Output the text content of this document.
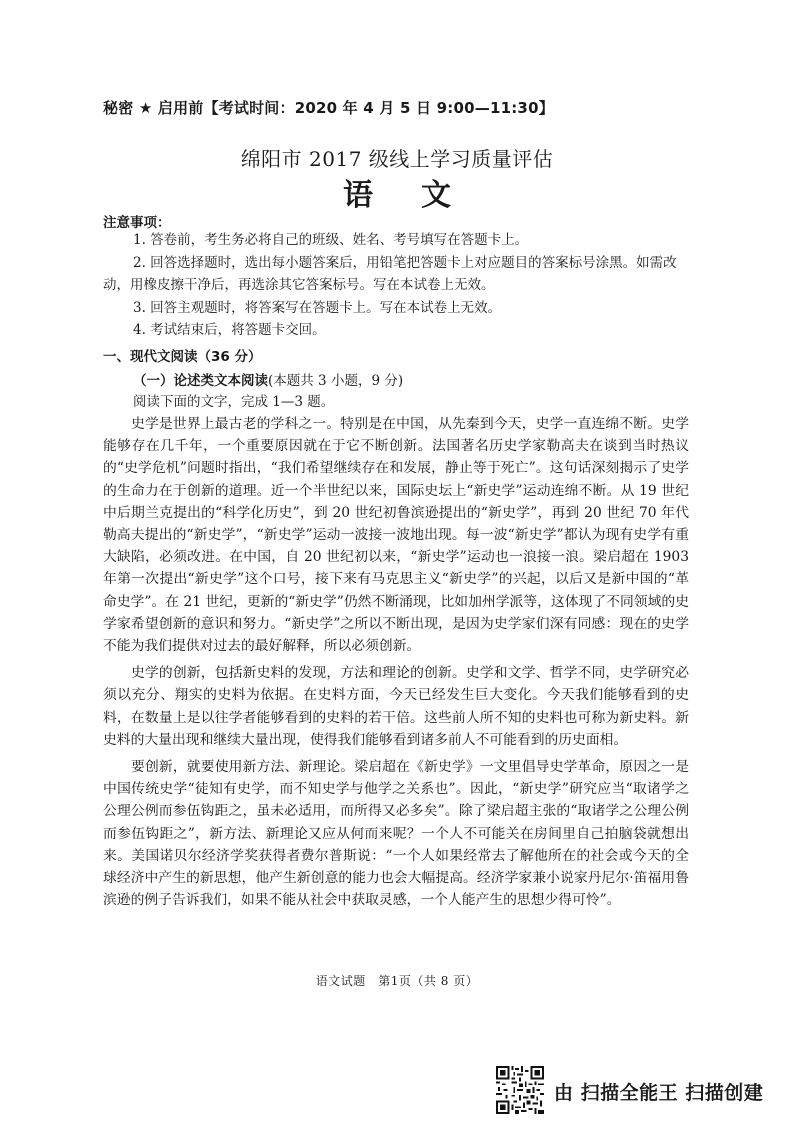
秘密 ★ 启用前【考试时间：2020 年 4 月 5 日 9:00—11:30】
绵阳市 2017 级线上学习质量评估
语文
注意事项：

1. 答卷前，考生务必将自己的班级、姓名、考号填写在答题卡上。

2. 回答选择题时，选出每小题答案后，用铅笔把答题卡上对应题目的答案标号涂黑。如需改动，用橡皮擦干净后，再选涂其它答案标号。写在本试卷上无效。

3. 回答主观题时，将答案写在答题卡上。写在本试卷上无效。

4. 考试结束后，将答题卡交回。

一、现代文阅读（36 分）
（一）论述类文本阅读(本题共 3 小题，9 分)
阅读下面的文字，完成 1—3 题。

史学是世界上最古老的学科之一。特别是在中国，从先秦到今天，史学一直连绵不断。史学能够存在几千年，一个重要原因就在于它不断创新。法国著名历史学家勒高夫在谈到当时热议的“史学危机”问题时指出，“我们希望继续存在和发展，静止等于死亡”。这句话深刻揭示了史学的生命力在于创新的道理。近一个半世纪以来，国际史坛上“新史学”运动连绵不断。从 19 世纪中后期兰克提出的“科学化历史”，到 20 世纪初鲁滨逊提出的“新史学”，再到 20 世纪 70 年代勒高夫提出的“新史学”，“新史学”运动一波接一波地出现。每一波“新史学”都认为现有史学有重大缺陷，必须改进。在中国，自 20 世纪初以来，“新史学”运动也一浪接一浪。梁启超在 1903 年第一次提出“新史学”这个口号，接下来有马克思主义“新史学”的兴起，以后又是新中国的“革命史学”。在 21 世纪，更新的“新史学”仍然不断涌现，比如加州学派等，这体现了不同领域的史学家希望创新的意识和努力。“新史学”之所以不断出现，是因为史学家们深有同感：现在的史学不能为我们提供对过去的最好解释，所以必须创新。

史学的创新，包括新史料的发现，方法和理论的创新。史学和文学、哲学不同，史学研究必须以充分、翔实的史料为依据。在史料方面，今天已经发生巨大变化。今天我们能够看到的史料，在数量上是以往学者能够看到的史料的若干倍。这些前人所不知的史料也可称为新史料。新史料的大量出现和继续大量出现，使得我们能够看到诸多前人不可能看到的历史面相。

要创新，就要使用新方法、新理论。梁启超在《新史学》一文里倡导史学革命，原因之一是中国传统史学“徒知有史学，而不知史学与他学之关系也”。因此，“新史学”研究应当“取诸学之公理公例而参伍钩距之，虽未必适用，而所得又必多矣”。除了梁启超主张的“取诸学之公理公例而参伍钩距之”，新方法、新理论又应从何而来呢？一个人不可能关在房间里自己拍脑袋就想出来。美国诺贝尔经济学奖获得者费尔普斯说：“一个人如果经常去了解他所在的社会或今天的全球经济中产生的新思想，他产生新创意的能力也会大幅提高。经济学家兼小说家丹尼尔·笛福用鲁滨逊的例子告诉我们，如果不能从社会中获取灵感，一个人能产生的思想少得可怜”。

语文试题　第1页（共 8 页）
由 扫描全能王 扫描创建
